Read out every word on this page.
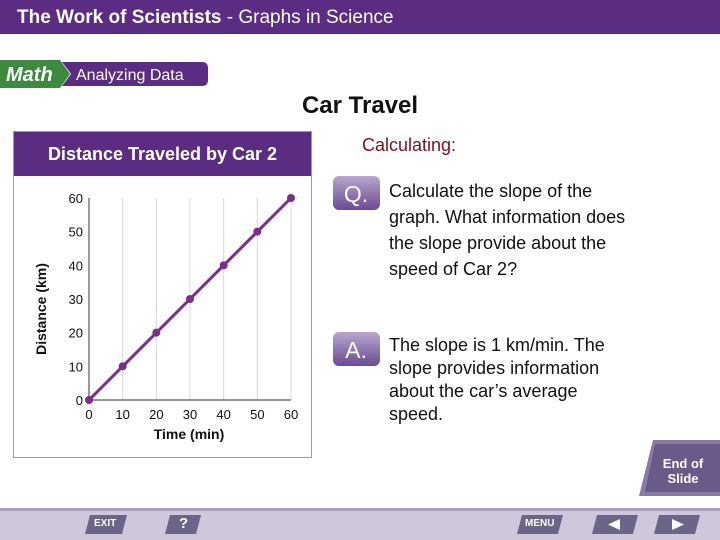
The Work of Scientists - Graphs in Science
Math Analyzing Data
Car Travel
Distance Traveled by Car 2
0 10 20 30 40 50 60
0
10
20
30
40
50
60
Time (min)
Distance (km)
Calculating:
Q. Calculate the slope of the
graph. What information does
the slope provide about the
speed of Car 2?
A. The slope is 1 km/min. The
slope provides information
about the car’s average
speed.
End of
Slide
EXIT	?	MENU
